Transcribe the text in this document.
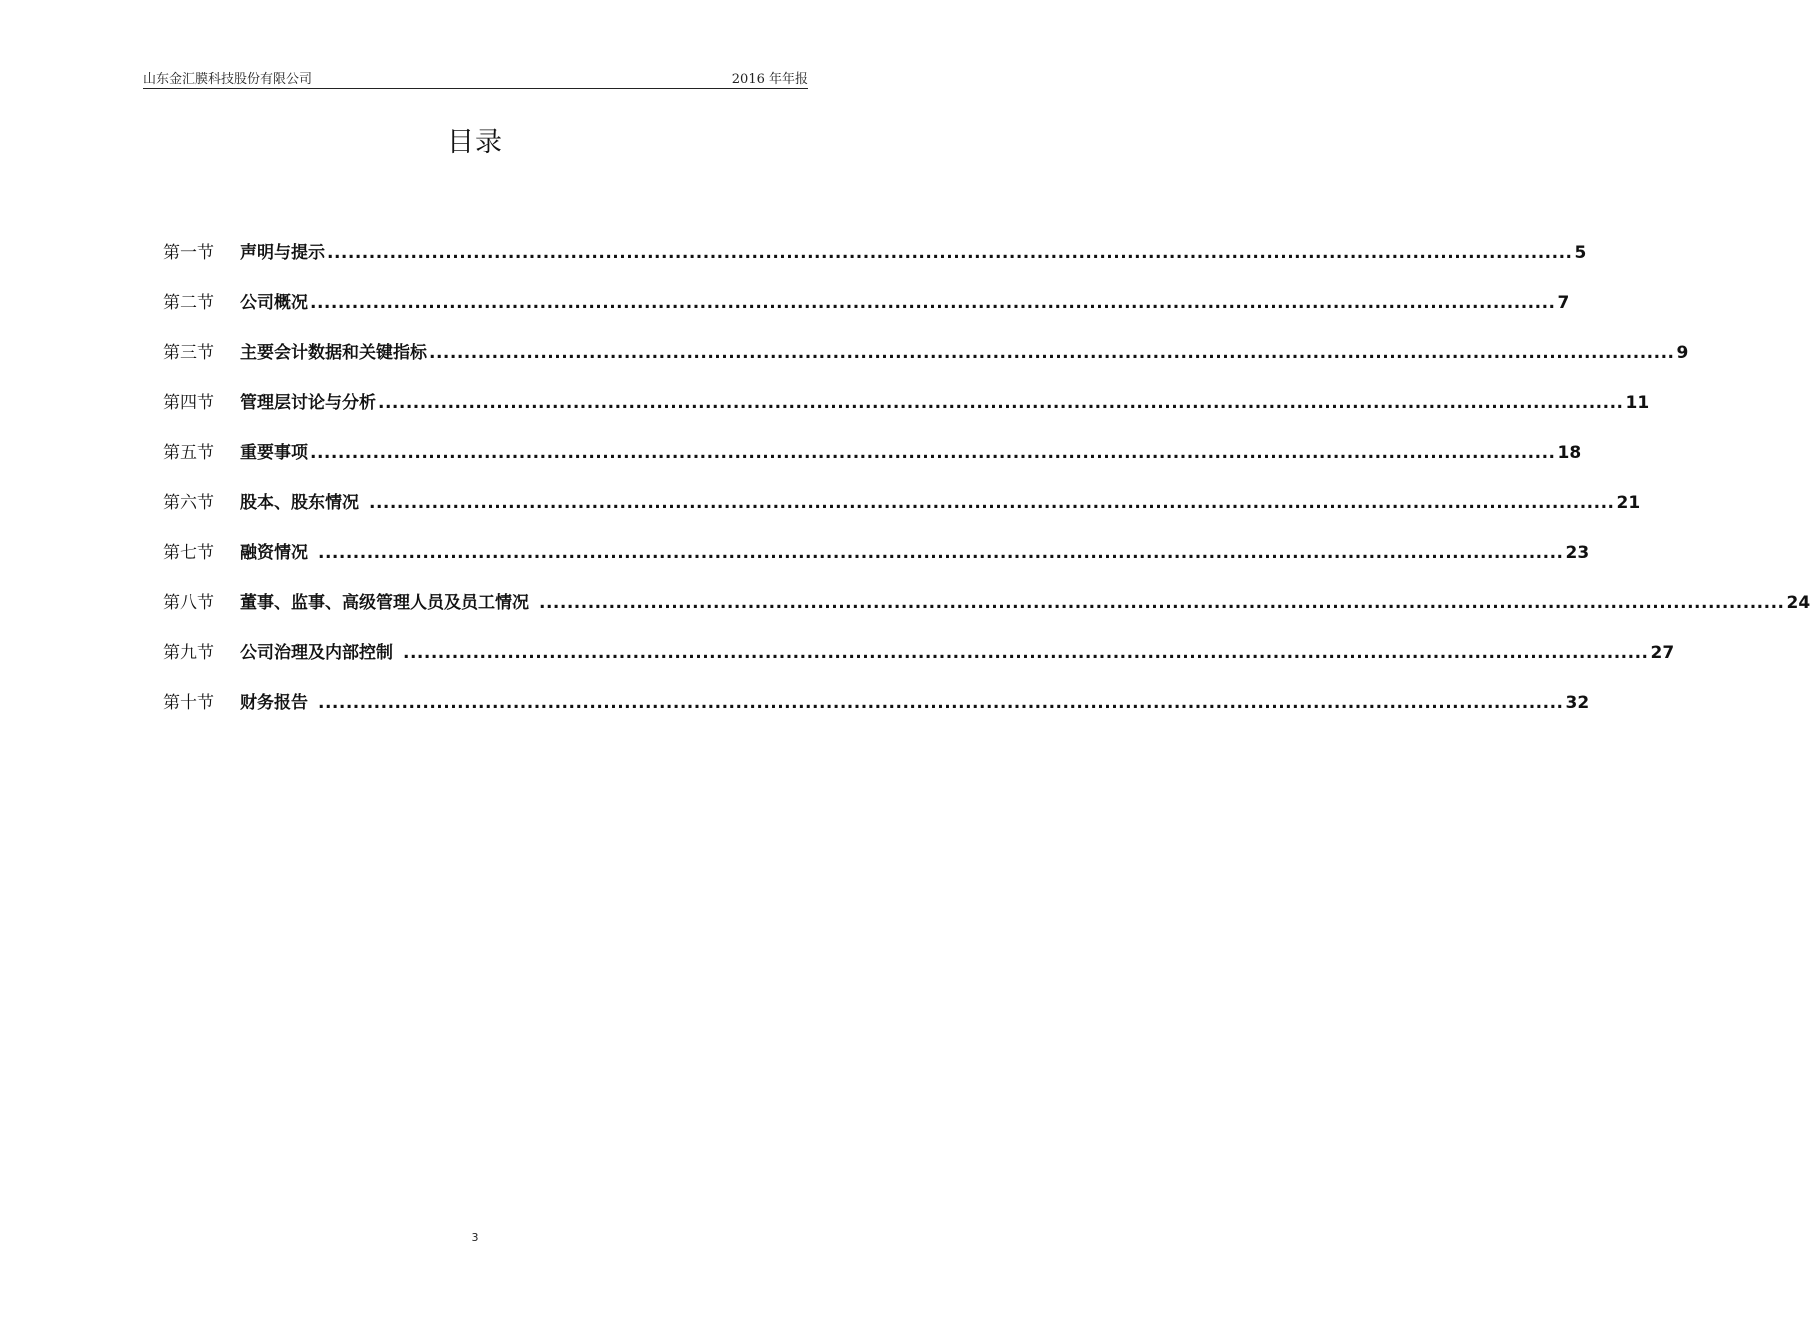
山东金汇膜科技股份有限公司	2016 年年报
目录
第一节	声明与提示 .....	5
第二节	公司概况 .....	7
第三节	主要会计数据和关键指标 .....	9
第四节	管理层讨论与分析 .....	11
第五节	重要事项 .....	18
第六节	股本、股东情况 .....	21
第七节	融资情况 .....	23
第八节	董事、监事、高级管理人员及员工情况 .....	24
第九节	公司治理及内部控制 .....	27
第十节	财务报告 .....	32
3
